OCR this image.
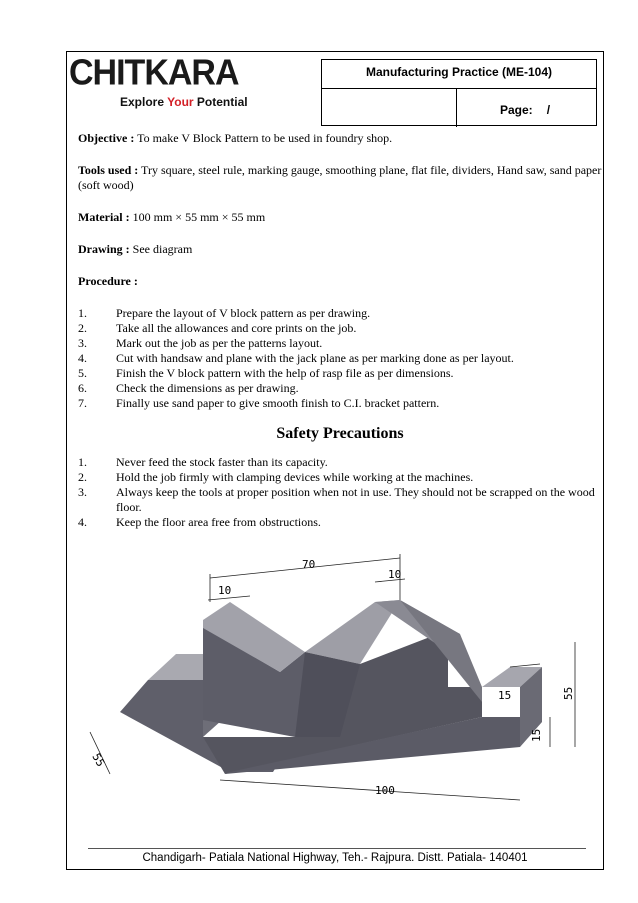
CHITKARA
Explore Your Potential
Manufacturing Practice (ME-104)
Page: /

Objective : To make V Block Pattern to be used in foundry shop.

Tools used : Try square, steel rule, marking gauge, smoothing plane, flat file, dividers, Hand saw, sand paper (soft wood)

Material : 100 mm × 55 mm × 55 mm

Drawing : See diagram

Procedure :

1. Prepare the layout of V block pattern as per drawing.
2. Take all the allowances and core prints on the job.
3. Mark out the job as per the patterns layout.
4. Cut with handsaw and plane with the jack plane as per marking done as per layout.
5. Finish the V block pattern with the help of rasp file as per dimensions.
6. Check the dimensions as per drawing.
7. Finally use sand paper to give smooth finish to C.I. bracket pattern.
Safety Precautions
1. Never feed the stock faster than its capacity.
2. Hold the job firmly with clamping devices while working at the machines.
3. Always keep the tools at proper position when not in use. They should not be scrapped on the wood floor.
4. Keep the floor area free from obstructions.
70
10
10
15	55
15
100
55
Chandigarh- Patiala National Highway, Teh.- Rajpura. Distt. Patiala- 140401
